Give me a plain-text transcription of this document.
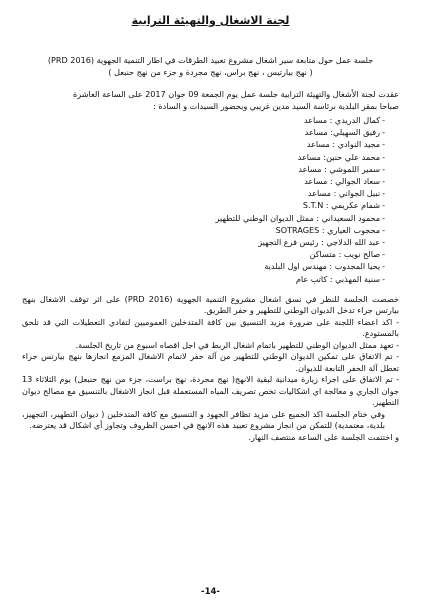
لجنة الاشغال والتهيئة الترابية

جلسة عمل حول متابعة سير اشغال مشروع تعبيد الطرقات في اطار التنمية الجهوية (PRD 2016)

( نهج بيارتيس ، نهج براس، نهج مجردة و جزء من نهج حنبعل )

عقدت لجنة الأشغال والتهيئة الترابية جلسة عمل يوم الجمعة 09 جوان 2017 على الساعة العاشرة

صباحا بمقر البلدية برئاسة السيد مدين غريبي وبحضور السيدات و السادة :

-كمال الدريدي : مساعد
-رفيق السهيلي: مساعد
-مجيد النوادي : مساعد
-محمد علي حنين: مساعد
-سمير اللموشي : مساعد
-سعاد الجوالي : مساعد
-نبيل الجواني : مساعد
-شمام عكريمي : S.T.N
-محمود السعيداني : ممثل الديوان الوطني للتطهير
-محجوب العياري : SOTRAGES
-عبد الله الدلاجي : رئيس فرع التجهيز
-صالح نويب : متساكن
-يحيا المجدوب : مهندس اول البلدية
-سنية المهذبي : كاتب عام

خصصت الجلسة للنظر في نسق اشغال مشروع التنمية الجهوية (PRD 2016) على اثر توقف الاشغال بنهج بيارتس جراء تدخل الديوان الوطني للتطهير و حفر الطريق.

- اكد اعضاء اللجنة على ضرورة مزيد التنسيق بين كافة المتدخلين العموميين لتفادي التعطيلات التي قد تلحق بالمستودع.

- تعهد ممثل الديوان الوطني للتطهير باتمام اشغال الربط في اجل اقصاه اسبوع من تاريخ الجلسة.

- تم الاتفاق على تمكين الديوان الوطني للتطهير من آلة حفر لاتمام الاشغال المزمع انجازها بنهج بيارتس جراء تعطل آلة الحفر التابعة للديوان.

- تم الاتفاق على اجراء زيارة ميدانية لبقية الانهج( نهج مجردة، نهج براست، جزء من نهج حنبعل) يوم الثلاثاء 13 جوان الجاري و معالجة اي اشكاليات تخص تصريف المياه المستعملة قبل انجاز الاشغال بالتنسيق مع مصالح ديوان التطهير.

وفي ختام الجلسة اكد الجميع على مزيد تظافر الجهود و التنسيق مع كافة المتدخلين ( ديوان التطهير، التجهيز، بلدية، معتمدية) للتمكن من انجاز مشروع تعبيد هذه الانهج في احسن الظروف وتجاوز أي اشكال قد يعترضه.

و اختتمت الجلسة على الساعة منتصف النهار.

-14-
